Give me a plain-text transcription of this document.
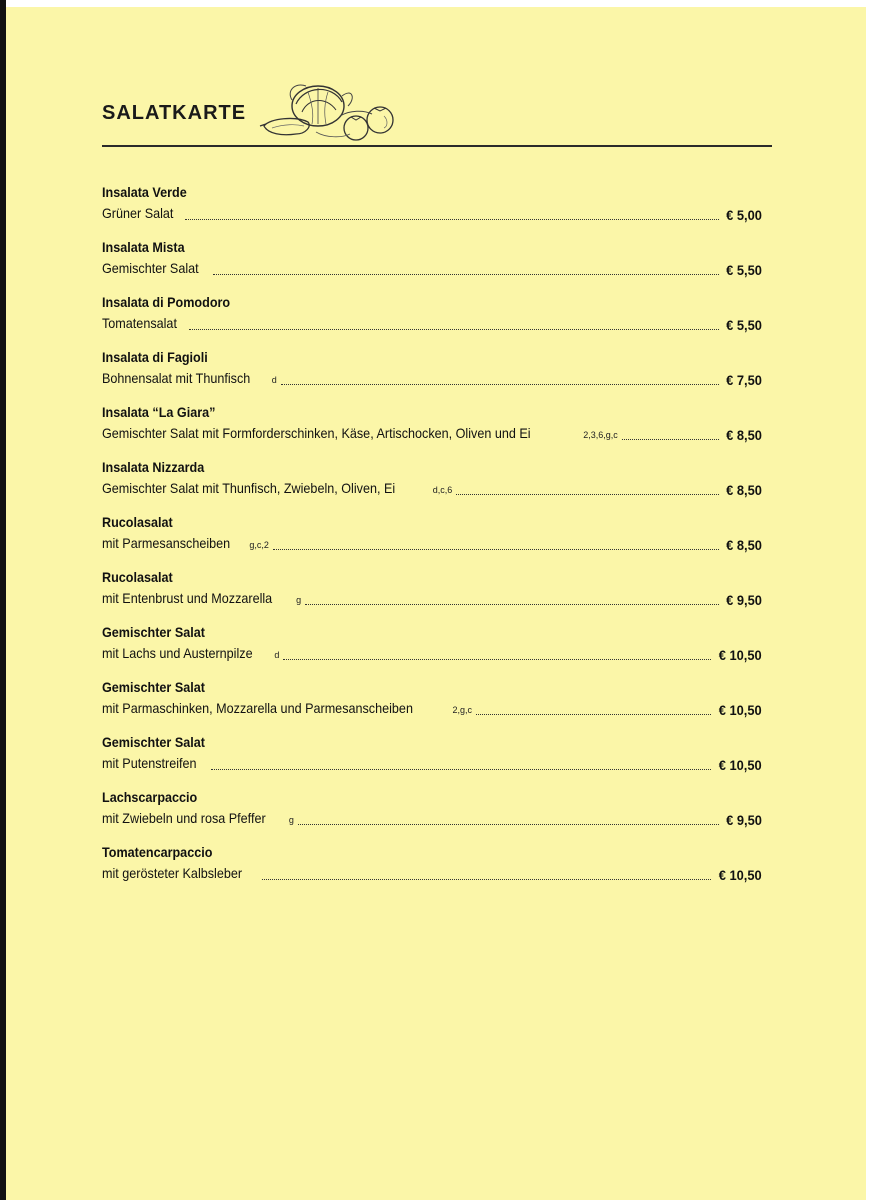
SALATKARTE
Insalata Verde
Grüner Salat	€ 5,00
Insalata Mista
Gemischter Salat	€ 5,50
Insalata di Pomodoro
Tomatensalat	€ 5,50
Insalata di Fagioli
Bohnensalat mit Thunfisch d	€ 7,50
Insalata “La Giara”
Gemischter Salat mit Formforderschinken, Käse, Artischocken, Oliven und Ei	2,3,6,g,c	€ 8,50
Insalata Nizzarda
Gemischter Salat mit Thunfisch, Zwiebeln, Oliven, Ei	d,c,6	€ 8,50
Rucolasalat
mit Parmesanscheiben g,c,2	€ 8,50
Rucolasalat
mit Entenbrust und Mozzarella	g	€ 9,50
Gemischter Salat
mit Lachs und Austernpilze d	€ 10,50
Gemischter Salat
mit Parmaschinken, Mozzarella und Parmesanscheiben	2,g,c	€ 10,50
Gemischter Salat
mit Putenstreifen	€ 10,50
Lachscarpaccio
mit Zwiebeln und rosa Pfeffer	g	€ 9,50
Tomatencarpaccio
mit gerösteter Kalbsleber	€ 10,50
